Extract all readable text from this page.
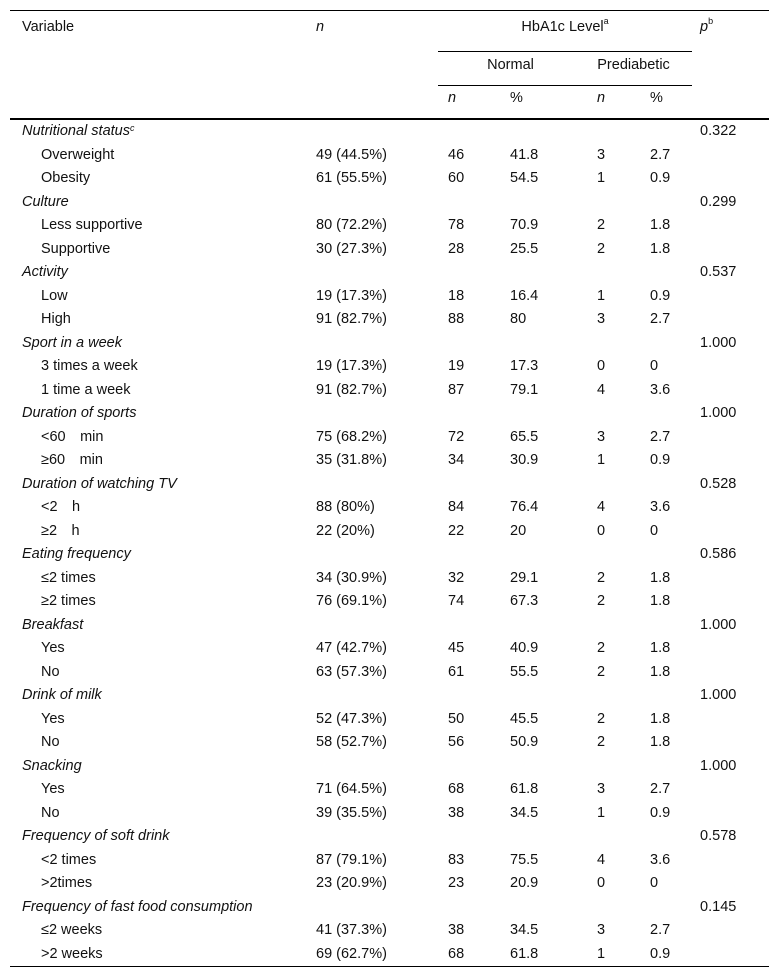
Variable	n	HbA1c Level$^a$				$p^b$
		Normal		Prediabetic		
		n	%	n	%	
Nutritional status$^c$						0.322
Overweight	49 (44.5%)	46	41.8	3	2.7	
Obesity	61 (55.5%)	60	54.5	1	0.9	
Culture						0.299
Less supportive	80 (72.2%)	78	70.9	2	1.8	
Supportive	30 (27.3%)	28	25.5	2	1.8	
Activity						0.537
Low	19 (17.3%)	18	16.4	1	0.9	
High	91 (82.7%)	88	80	3	2.7	
Sport in a week						1.000
3 times a week	19 (17.3%)	19	17.3	0	0	
1 time a week	91 (82.7%)	87	79.1	4	3.6	
Duration of sports						1.000
<60 min	75 (68.2%)	72	65.5	3	2.7	
≥60 min	35 (31.8%)	34	30.9	1	0.9	
Duration of watching TV						0.528
<2 h	88 (80%)	84	76.4	4	3.6	
≥2 h	22 (20%)	22	20	0	0	
Eating frequency						0.586
≤2 times	34 (30.9%)	32	29.1	2	1.8	
≥2 times	76 (69.1%)	74	67.3	2	1.8	
Breakfast						1.000
Yes	47 (42.7%)	45	40.9	2	1.8	
No	63 (57.3%)	61	55.5	2	1.8	
Drink of milk						1.000
Yes	52 (47.3%)	50	45.5	2	1.8	
No	58 (52.7%)	56	50.9	2	1.8	
Snacking						1.000
Yes	71 (64.5%)	68	61.8	3	2.7	
No	39 (35.5%)	38	34.5	1	0.9	
Frequency of soft drink						0.578
<2 times	87 (79.1%)	83	75.5	4	3.6	
>2times	23 (20.9%)	23	20.9	0	0	
Frequency of fast food consumption						0.145
≤2 weeks	41 (37.3%)	38	34.5	3	2.7	
>2 weeks	69 (62.7%)	68	61.8	1	0.9	
